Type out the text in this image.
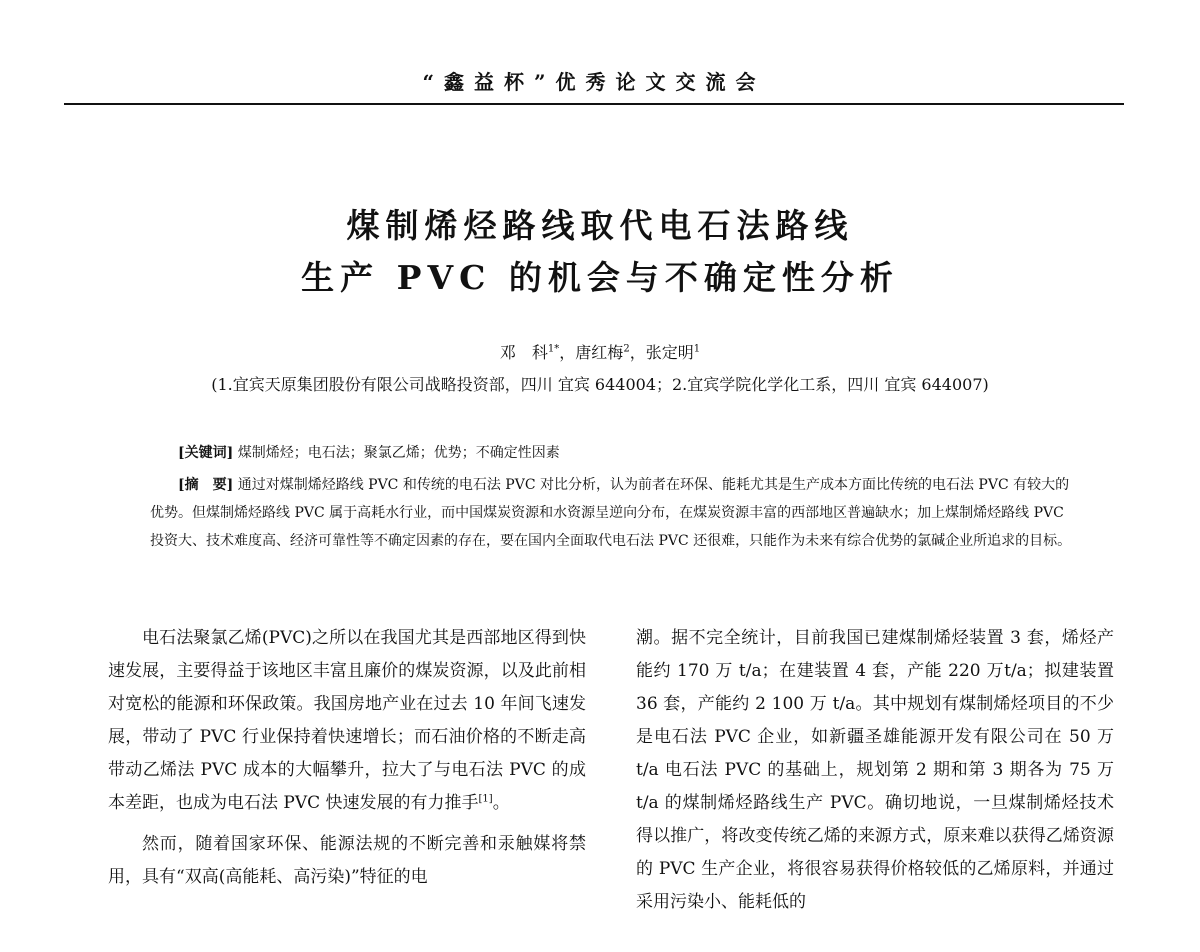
“鑫益杯”优秀论文交流会
煤制烯烃路线取代电石法路线
生产 PVC 的机会与不确定性分析
邓　科$^{1*}$，唐红梅$^2$，张定明$^1$
(1.宜宾天原集团股份有限公司战略投资部，四川 宜宾 644004；2.宜宾学院化学化工系，四川 宜宾 644007)
[关键词] 煤制烯烃；电石法；聚氯乙烯；优势；不确定性因素
[摘　要] 通过对煤制烯烃路线 PVC 和传统的电石法 PVC 对比分析，认为前者在环保、能耗尤其是生产成本方面比传统的电石法 PVC 有较大的优势。但煤制烯烃路线 PVC 属于高耗水行业，而中国煤炭资源和水资源呈逆向分布，在煤炭资源丰富的西部地区普遍缺水；加上煤制烯烃路线 PVC 投资大、技术难度高、经济可靠性等不确定因素的存在，要在国内全面取代电石法 PVC 还很难，只能作为未来有综合优势的氯碱企业所追求的目标。

电石法聚氯乙烯(PVC)之所以在我国尤其是西部地区得到快速发展，主要得益于该地区丰富且廉价的煤炭资源，以及此前相对宽松的能源和环保政策。我国房地产业在过去 10 年间飞速发展，带动了 PVC 行业保持着快速增长；而石油价格的不断走高带动乙烯法 PVC 成本的大幅攀升，拉大了与电石法 PVC 的成本差距，也成为电石法 PVC 快速发展的有力推手[1]。

然而，随着国家环保、能源法规的不断完善和汞触媒将禁用，具有“双高(高能耗、高污染)”特征的电

潮。据不完全统计，目前我国已建煤制烯烃装置 3 套，烯烃产能约 170 万 t/a；在建装置 4 套，产能 220 万t/a；拟建装置 36 套，产能约 2 100 万 t/a。其中规划有煤制烯烃项目的不少是电石法 PVC 企业，如新疆圣雄能源开发有限公司在 50 万 t/a 电石法 PVC 的基础上，规划第 2 期和第 3 期各为 75 万 t/a 的煤制烯烃路线生产 PVC。确切地说，一旦煤制烯烃技术得以推广，将改变传统乙烯的来源方式，原来难以获得乙烯资源的 PVC 生产企业，将很容易获得价格较低的乙烯原料，并通过采用污染小、能耗低的
